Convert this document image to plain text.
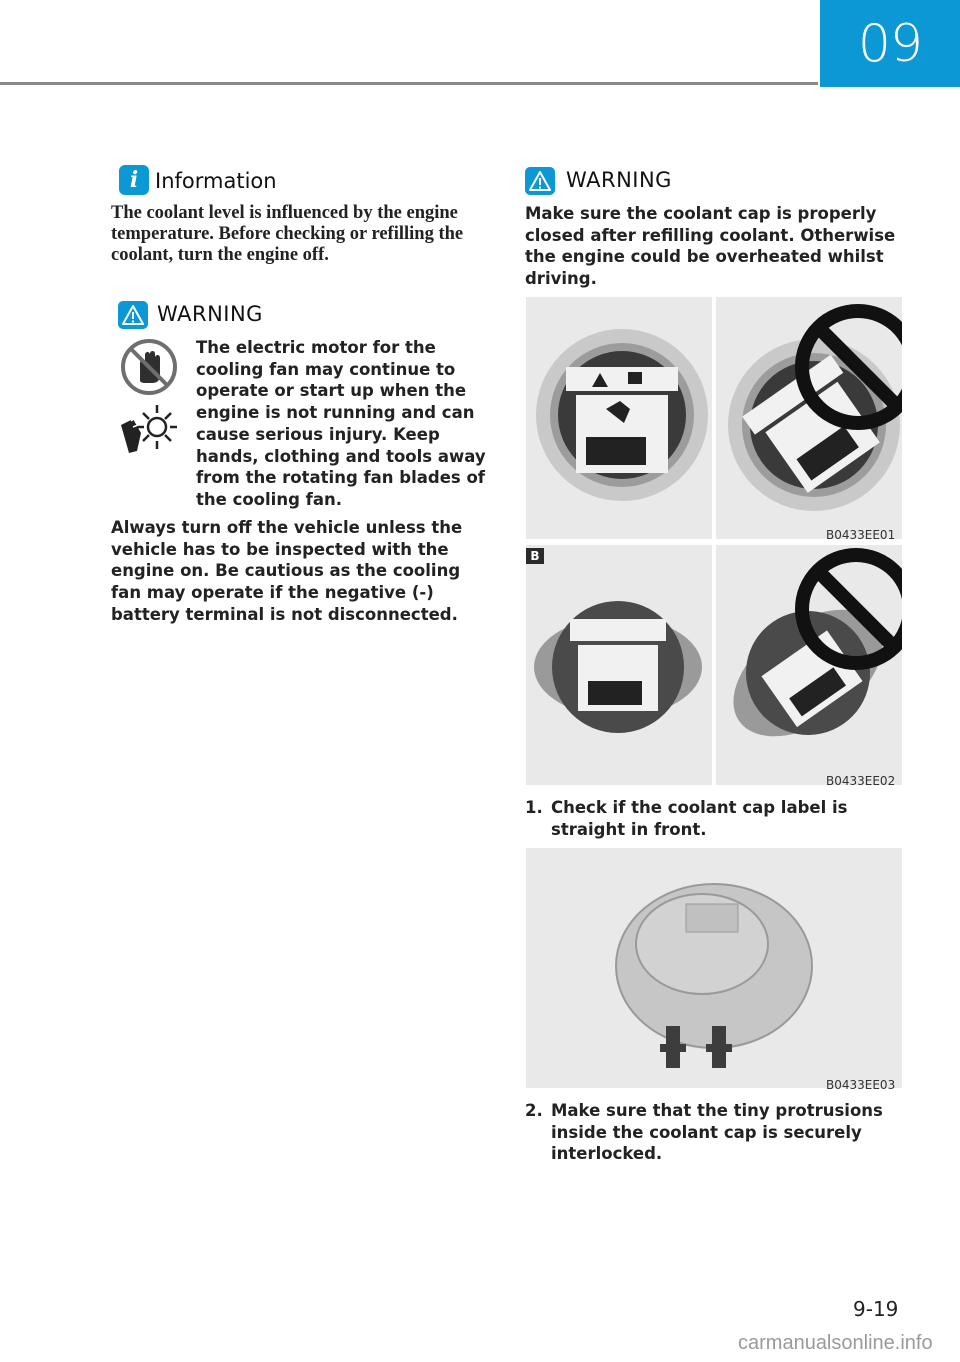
09
i Information
The coolant level is influenced by the engine temperature. Before checking or refilling the coolant, turn the engine off.
WARNING
The electric motor for the
cooling fan may continue to
operate or start up when the
engine is not running and can
cause serious injury. Keep
hands, clothing and tools away
from the rotating fan blades of
the cooling fan.
Always turn off the vehicle unless the
vehicle has to be inspected with the
engine on. Be cautious as the cooling
fan may operate if the negative (-)
battery terminal is not disconnected.
WARNING
Make sure the coolant cap is properly
closed after refilling coolant. Otherwise
the engine could be overheated whilst
driving.
B0433EE01
B
B0433EE02
1. Check if the coolant cap label is
straight in front.
B0433EE03
2. Make sure that the tiny protrusions
inside the coolant cap is securely
interlocked.
9-19
carmanualsonline.info
